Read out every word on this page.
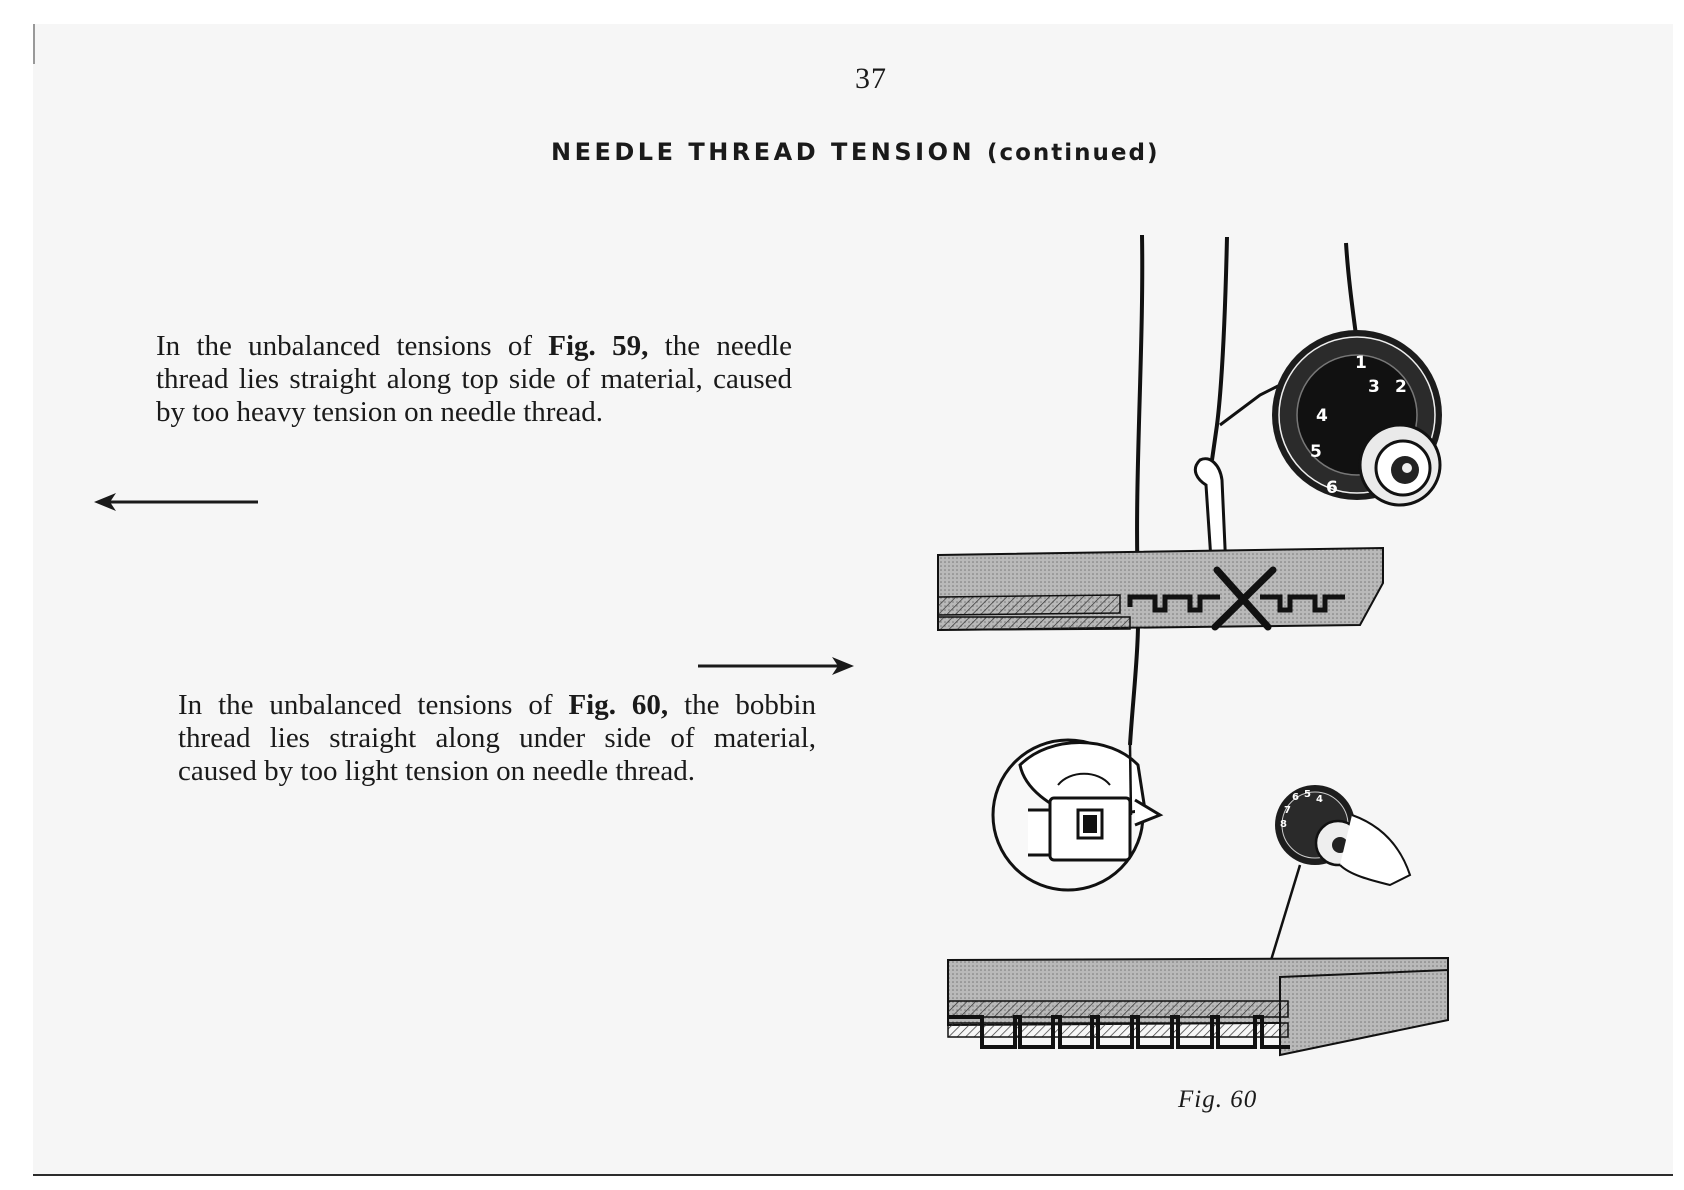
37
NEEDLE THREAD TENSION (continued)
In the unbalanced tensions of Fig. 59, the needle thread lies straight along top side of material, caused by too heavy tension on needle thread.
In the unbalanced tensions of Fig. 60, the bobbin thread lies straight along under side of material, caused by too light tension on needle thread.
1
2
3
4
5
6
4
5
6
7
8
Fig. 60
